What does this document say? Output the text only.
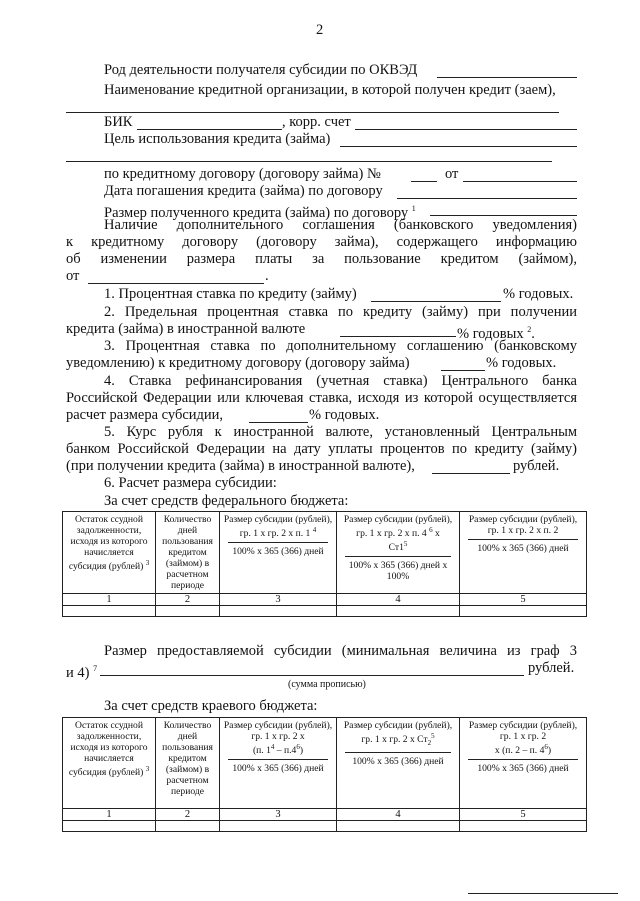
2
Род деятельности получателя субсидии по ОКВЭД
Наименование кредитной организации, в которой получен кредит (заем),
БИК	, корр. счет
Цель использования кредита (займа)
по кредитному договору (договору займа) №	от
Дата погашения кредита (займа) по договору
Размер полученного кредита (займа) по договору $^1$
Наличие дополнительного соглашения (банковского уведомления)
к кредитному договору (договору займа), содержащего информацию
об изменении размера платы за пользование кредитом (займом),
от	.
1. Процентная ставка по кредиту (займу)	% годовых.
2. Предельная процентная ставка по кредиту (займу) при получении
кредита (займа) в иностранной валюте	% годовых $^2$.
3. Процентная ставка по дополнительному соглашению (банковскому
уведомлению) к кредитному договору (договору займа)	% годовых.
4. Ставка рефинансирования (учетная ставка) Центрального банка
Российской Федерации или ключевая ставка, исходя из которой осуществляется
расчет размера субсидии,	% годовых.
5. Курс рубля к иностранной валюте, установленный Центральным
банком Российской Федерации на дату уплаты процентов по кредиту (займу)
(при получении кредита (займа) в иностранной валюте),	рублей.
6. Расчет размера субсидии:
За счет средств федерального бюджета:
Остаток ссудной задолженности, исходя из которого начисляется субсидия (рублей) $^3$	Количество дней пользования кредитом (займом) в расчетном периоде	Размер субсидии (рублей),
гр. 1 x гр. 2 x п. 1 $^4$
100% x 365 (366) дней	Размер субсидии (рублей),
гр. 1 x гр. 2 x п. 4 $^6$ x
$Ст1^5$
100% x 365 (366) дней x 100%	Размер субсидии (рублей),
гр. 1 x гр. 2 x п. 2
100% x 365 (366) дней
1	2	3	4	5

Размер предоставляемой субсидии (минимальная величина из граф 3
и 4) $^7$	рублей.
(сумма прописью)
За счет средств краевого бюджета:
Остаток ссудной задолженности, исходя из которого начисляется субсидия (рублей) $^3$	Количество дней пользования кредитом (займом) в расчетном периоде	Размер субсидии (рублей),
гр. 1 x гр. 2 x
(п. $1^4 - п.4^6$)
100% x 365 (366) дней	Размер субсидии (рублей),
гр. 1 x гр. 2 x $Ст_2^5$
100% x 365 (366) дней	Размер субсидии (рублей),
гр. 1 x гр. 2
x (п. 2 – п. $4^6$)
100% x 365 (366) дней
1	2	3	4	5
